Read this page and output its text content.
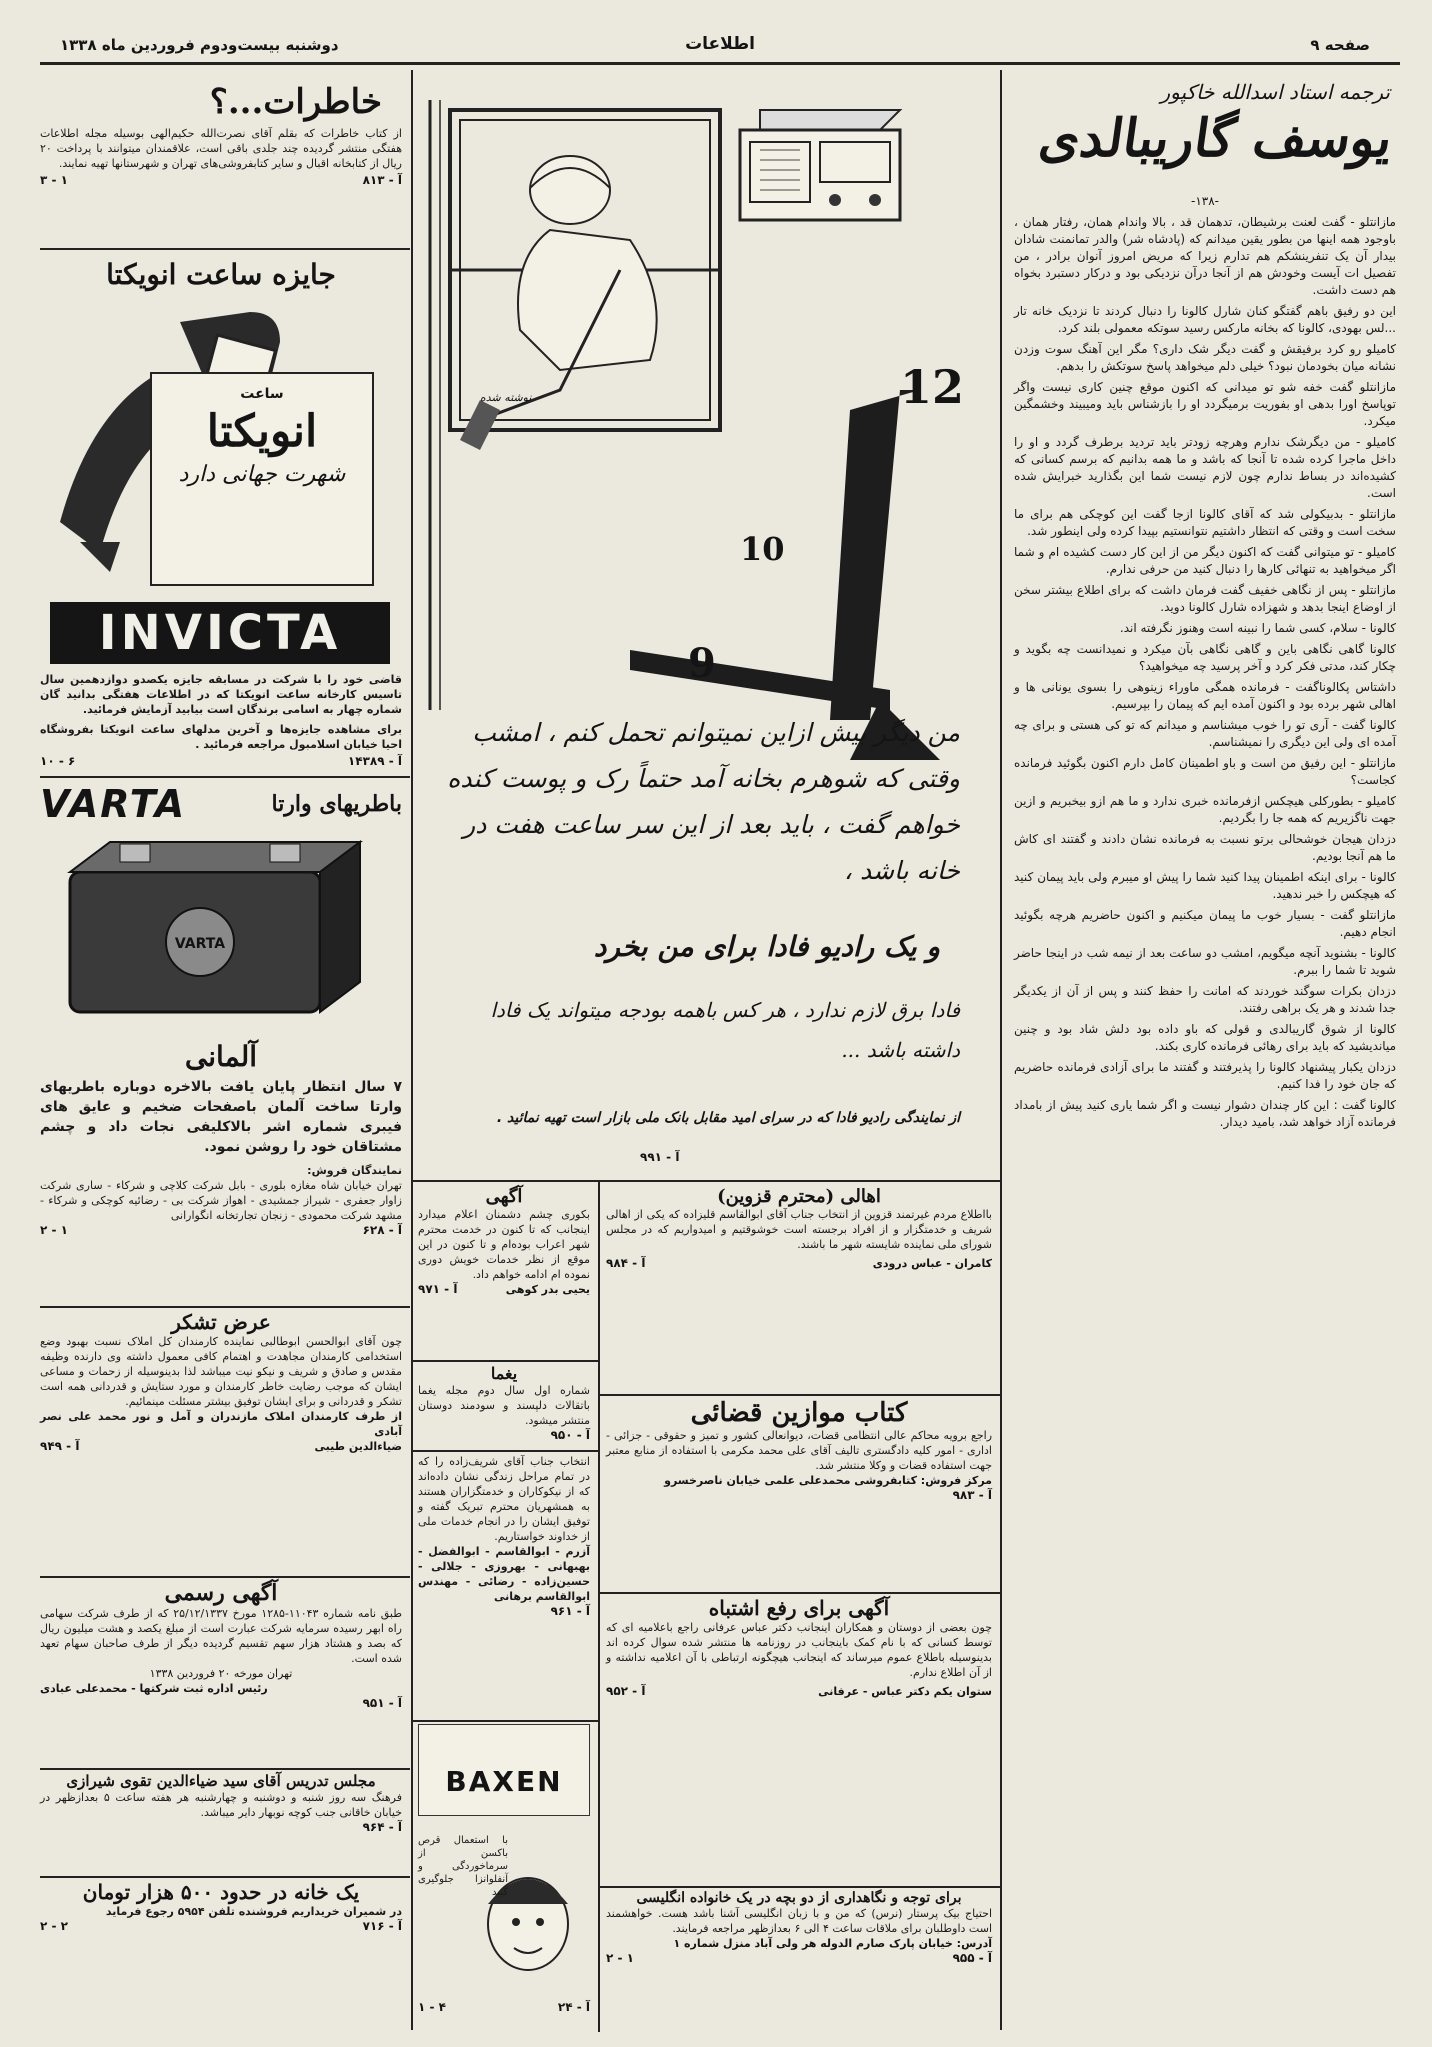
دوشنبه بیست‌ودوم فروردین ماه ۱۳۳۸	اطلاعات	صفحه ۹
ترجمه استاد اسدالله خاکپور
یوسف گاریبالدی
-۱۳۸-

مازانتلو - گفت لعنت برشیطان، تدهمان قد ، بالا واندام همان، رفتار همان ، باوجود همه اینها من بطور یقین میدانم که (پادشاه شر) والدر تمانمنت شادان بیدار آن یک تنفرینشکم هم تدارم زیرا که مریض امروز آنوان برادر ، من تفصیل ات آیست وخودش هم از آنجا درآن نزدیکی بود و درکار دستبرد بخواه هم دست داشت.

این دو رفیق باهم گفتگو کنان شارل کالونا را دنبال کردند تا نزدیک خانه تار ...لس بهودی، کالونا که بخانه مارکس رسید سوتکه معمولی بلند کرد.

کامیلو رو کرد برفیقش و گفت دیگر شک داری؟ مگر این آهنگ سوت وزدن نشانه میان بخودمان نبود؟ خیلی دلم میخواهد پاسخ سوتکش را بدهم.

مازانتلو گفت خفه شو تو میدانی که اکنون موقع چنین کاری نیست واگر توپاسخ اورا بدهی او بفوریت برمیگردد او را بازشناس باید ومیبیند وخشمگین میکرد.

کامیلو - من دیگرشک ندارم وهرچه زودتر باید تردید برطرف گردد و او را داخل ماجرا کرده شده تا آنجا که باشد و ما همه بدانیم که برسم کسانی که کشیده‌اند در بساط ندارم چون لازم نیست شما این بگذارید خبرایش شده است.

مازانتلو - بدبیکولی شد که آقای کالونا ازجا گفت این کوچکی هم برای ما سخت است و وقتی که انتظار داشتیم نتوانستیم بپیدا کرده ولی اینطور شد.

کامیلو - تو میتوانی گفت که اکنون دیگر من از این کار دست کشیده ام و شما اگر میخواهید به تنهائی کارها را دنبال کنید من حرفی ندارم.

مازانتلو - پس از نگاهی خفیف گفت فرمان داشت که برای اطلاع بیشتر سخن از اوضاع اینجا بدهد و شهزاده شارل کالونا دوید.

کالونا - سلام، کسی شما را نبینه است وهنوز نگرفته اند.

کالونا گاهی نگاهی باین و گاهی نگاهی بآن میکرد و نمیدانست چه بگوید و چکار کند، مدتی فکر کرد و آخر پرسید چه میخواهید؟

داشتاس پکالوناگفت - فرمانده همگی ماوراء زینوهی را بسوی یونانی ها و اهالی شهر برده بود و اکنون آمده ایم که پیمان را بپرسیم.

کالونا گفت - آری تو را خوب میشناسم و میدانم که تو کی هستی و برای چه آمده ای ولی این دیگری را نمیشناسم.

مازانتلو - این رفیق من است و باو اطمینان کامل دارم اکنون بگوئید فرمانده کجاست؟

کامیلو - بطورکلی هیچکس ازفرمانده خبری ندارد و ما هم ازو بیخبریم و ازین جهت ناگزیریم که همه جا را بگردیم.

دزدان هیجان خوشحالی برتو نسبت به فرمانده نشان دادند و گفتند ای کاش ما هم آنجا بودیم.

کالونا - برای اینکه اطمینان پیدا کنید شما را پیش او میبرم ولی باید پیمان کنید که هیچکس را خبر ندهید.

مازانتلو گفت - بسیار خوب ما پیمان میکنیم و اکنون حاضریم هرچه بگوئید انجام دهیم.

کالونا - بشنوید آنچه میگویم، امشب دو ساعت بعد از نیمه شب در اینجا حاضر شوید تا شما را ببرم.

دزدان بکرات سوگند خوردند که امانت را حفظ کنند و پس از آن از یکدیگر جدا شدند و هر یک براهی رفتند.

کالونا از شوق گاریبالدی و قولی که باو داده بود دلش شاد بود و چنین میاندیشید که باید برای رهائی فرمانده کاری بکند.

دزدان یکبار پیشنهاد کالونا را پذیرفتند و گفتند ما برای آزادی فرمانده حاضریم که جان خود را فدا کنیم.

کالونا گفت : این کار چندان دشوار نیست و اگر شما یاری کنید پیش از بامداد فرمانده آزاد خواهد شد، بامید دیدار.

12
10
9
نوشته شده
من دیگر بیش ازاین نمیتوانم تحمل کنم ، امشب وقتی که شوهرم بخانه آمد حتماً رک و پوست کنده خواهم گفت ، باید بعد از این سر ساعت هفت در خانه باشد ،
و یک رادیو فادا برای من بخرد
فادا برق لازم ندارد ، هر کس باهمه بودجه میتواند یک فادا داشته باشد ...
از نمایندگی رادیو فادا که در سرای امید مقابل بانک ملی بازار است تهیه نمائید .
آ - ۹۹۱
خاطرات...؟
از کتاب خاطرات که بقلم آقای نصرت‌الله حکیم‌الهی بوسیله مجله اطلاعات هفتگی منتشر گردیده چند جلدی باقی است، علاقمندان میتوانند با پرداخت ۲۰ ریال از کتابخانه اقبال و سایر کتابفروشی‌های تهران و شهرستانها تهیه نمایند.
۱ - ۳	آ - ۸۱۳
جایزه ساعت انویکتا
ساعت
انویکتا
شهرت جهانی دارد
INVICTA
قاضی خود را با شرکت در مسابقه جایزه یکصدو دوازدهمین سال تاسیس کارخانه ساعت انویکتا که در اطلاعات هفتگی بدانید گان شماره چهار به اسامی برندگان است بیابید آزمایش فرمائید.
برای مشاهده جایزه‌ها و آخرین مدلهای ساعت انویکتا بفروشگاه احیا خیابان اسلامبول مراجعه فرمائید .
۶ - ۱۰	آ - ۱۴۳۸۹
VARTA	باطریهای وارتا
VARTA
آلمانی
۷ سال انتظار پایان یافت بالاخره دوباره باطریهای وارتا ساخت آلمان باصفحات ضخیم و عایق های فیبری شماره اشر بالاکلیفی نجات داد و چشم مشتاقان خود را روشن نمود.
نمایندگان فروش:
تهران خیابان شاه مغازه بلوری - بابل شرکت کلاچی و شرکاء - ساری شرکت زاوار جعفری - شیراز جمشیدی - اهواز شرکت بی - رضائیه کوچکی و شرکاء - مشهد شرکت محمودی - زنجان تجارتخانه انگوارانی
۱ - ۲	آ - ۶۲۸
عرض تشکر
چون آقای ابوالحسن ابوطالبی نماینده کارمندان کل املاک نسبت بهبود وضع استخدامی کارمندان مجاهدت و اهتمام کافی معمول داشته وی دارنده وظیفه مقدس و صادق و شریف و نیکو نیت میباشد لذا بدینوسیله از زحمات و مساعی ایشان که موجب رضایت خاطر کارمندان و مورد ستایش و قدردانی همه است تشکر و قدردانی و برای ایشان توفیق بیشتر مسئلت مینمائیم.
از طرف کارمندان املاک مازندران و آمل و نور محمد علی نصر آبادی
آ - ۹۴۹	ضیاءالدین طیبی
آگهی رسمی
طبق نامه شماره ۱۱۰۴۳-۱۲۸۵ مورخ ۲۵/۱۲/۱۳۳۷ که از طرف شرکت سهامی راه ابهر رسیده سرمایه شرکت عبارت است از مبلغ یکصد و هشت میلیون ریال که بصد و هشتاد هزار سهم تقسیم گردیده دیگر از طرف صاحبان سهام تعهد شده است.
تهران مورخه ۲۰ فروردین ۱۳۳۸
رئیس اداره ثبت شرکتها - محمدعلی عبادی
آ - ۹۵۱
مجلس تدریس آقای سید ضیاءالدین تقوی شیرازی
فرهنگ سه روز شنبه و دوشنبه و چهارشنبه هر هفته ساعت ۵ بعدازظهر در خیابان خاقانی جنب کوچه نوبهار دایر میباشد.
آ - ۹۶۴
یک خانه در حدود ۵۰۰ هزار تومان
در شمیران خریداریم فروشنده تلفن ۵۹۵۴ رجوع فرماید
۲ - ۲	آ - ۷۱۶
آگهی
بکوری چشم دشمنان اعلام میدارد اینجانب که تا کنون در خدمت محترم شهر اعراب بوده‌ام و تا کنون در این موقع از نظر خدمات خویش دوری نموده ام ادامه خواهم داد.
آ - ۹۷۱	یحیی بدر کوهی
یغما
شماره اول سال دوم مجله یغما باتقالات دلپسند و سودمند دوستان منتشر میشود.
آ - ۹۵۰
انتخاب جناب آقای شریف‌زاده را که در تمام مراحل زندگی نشان داده‌اند که از نیکوکاران و خدمتگزاران هستند به همشهریان محترم تبریک گفته و توفیق ایشان را در انجام خدمات ملی از خداوند خواستاریم.
آزرم - ابوالقاسم - ابوالفضل - بهبهانی - بهروزی - جلالی - حسین‌زاده - رضائی - مهندس ابوالقاسم برهانی
آ - ۹۶۱
BAXEN
با استعمال قرص باکسن از سرماخوردگی و آنفلوانزا جلوگیری کنید
۴ - ۱	آ - ۲۴
اهالی (محترم قزوین)
بااطلاع مردم غیرتمند قزوین از انتخاب جناب آقای ابوالقاسم قلیزاده که یکی از اهالی شریف و خدمتگزار و از افراد برجسته است خوشوقتیم و امیدواریم که در مجلس شورای ملی نماینده شایسته شهر ما باشند.
آ - ۹۸۴	کامران - عباس درودی
کتاب موازین قضائی
راجع برویه محاکم عالی انتظامی قضات، دیوانعالی کشور و تمیز و حقوقی - جزائی - اداری - امور کلیه دادگستری تالیف آقای علی محمد مکرمی با استفاده از منابع معتبر جهت استفاده قضات و وکلا منتشر شد.
مرکز فروش: کتابفروشی محمدعلی علمی خیابان ناصرخسرو
آ - ۹۸۳
آگهی برای رفع اشتباه
چون بعضی از دوستان و همکاران اینجانب دکتر عباس عرفانی راجع باعلامیه ای که توسط کسانی که با نام کمک باینجانب در روزنامه ها منتشر شده سوال کرده اند بدینوسیله باطلاع عموم میرساند که اینجانب هیچگونه ارتباطی با آن اعلامیه نداشته و از آن اطلاع ندارم.
آ - ۹۵۲	ستوان یکم دکتر عباس - عرفانی
برای توجه و نگاهداری از دو بچه در یک خانواده انگلیسی
احتیاج بیک پرستار (نرس) که من و با زبان انگلیسی آشنا باشد هست. خواهشمند است داوطلبان برای ملاقات ساعت ۴ الی ۶ بعدازظهر مراجعه فرمایند.
آدرس: خیابان پارک صارم الدوله هر ولی آباد منزل شماره ۱
۱ - ۲	آ - ۹۵۵
